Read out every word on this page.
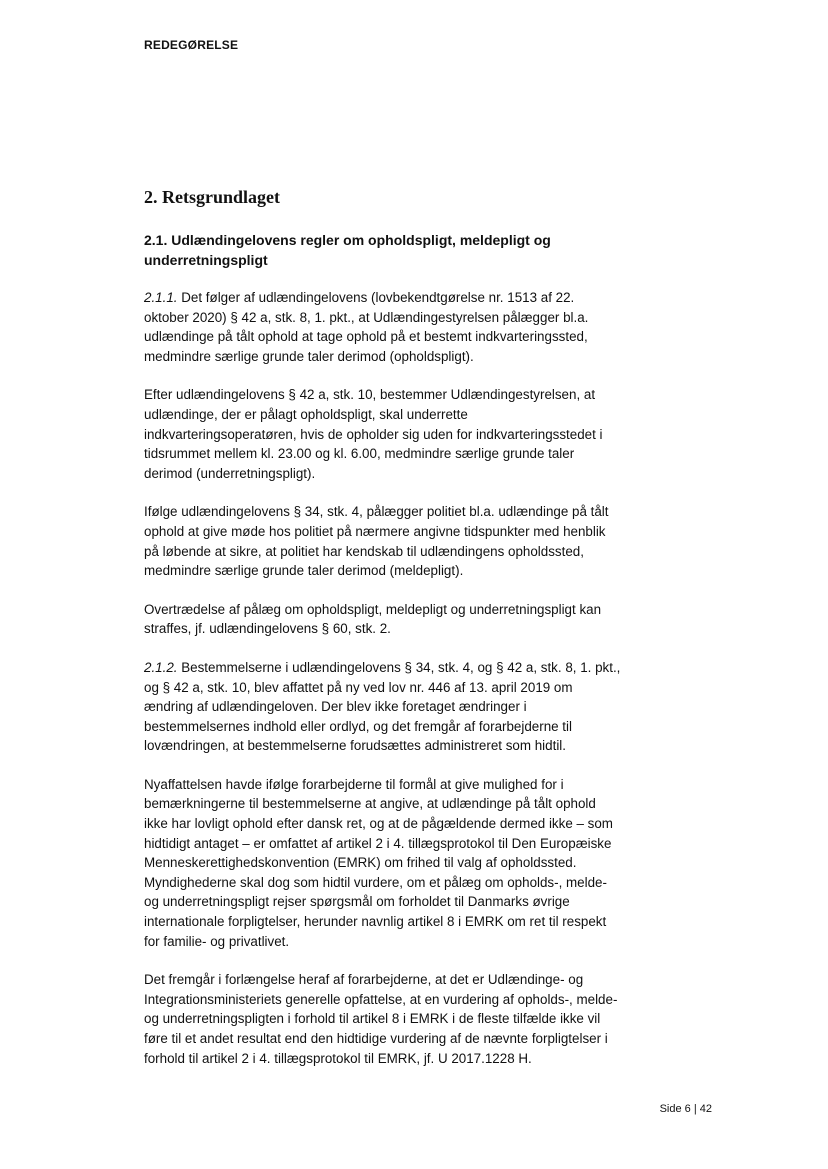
REDEGØRELSE
2. Retsgrundlaget
2.1. Udlændingelovens regler om opholdspligt, meldepligt og underretningspligt

2.1.1. Det følger af udlændingelovens (lovbekendtgørelse nr. 1513 af 22. oktober 2020) § 42 a, stk. 8, 1. pkt., at Udlændingestyrelsen pålægger bl.a. udlændinge på tålt ophold at tage ophold på et bestemt indkvarteringssted, medmindre særlige grunde taler derimod (opholdspligt).

Efter udlændingelovens § 42 a, stk. 10, bestemmer Udlændingestyrelsen, at udlændinge, der er pålagt opholdspligt, skal underrette indkvarteringsoperatøren, hvis de opholder sig uden for indkvarteringsstedet i tidsrummet mellem kl. 23.00 og kl. 6.00, medmindre særlige grunde taler derimod (underretningspligt).

Ifølge udlændingelovens § 34, stk. 4, pålægger politiet bl.a. udlændinge på tålt ophold at give møde hos politiet på nærmere angivne tidspunkter med henblik på løbende at sikre, at politiet har kendskab til udlændingens opholdssted, medmindre særlige grunde taler derimod (meldepligt).

Overtrædelse af pålæg om opholdspligt, meldepligt og underretningspligt kan straffes, jf. udlændingelovens § 60, stk. 2.

2.1.2. Bestemmelserne i udlændingelovens § 34, stk. 4, og § 42 a, stk. 8, 1. pkt., og § 42 a, stk. 10, blev affattet på ny ved lov nr. 446 af 13. april 2019 om ændring af udlændingeloven. Der blev ikke foretaget ændringer i bestemmelsernes indhold eller ordlyd, og det fremgår af forarbejderne til lovændringen, at bestemmelserne forudsættes administreret som hidtil.

Nyaffattelsen havde ifølge forarbejderne til formål at give mulighed for i bemærkningerne til bestemmelserne at angive, at udlændinge på tålt ophold ikke har lovligt ophold efter dansk ret, og at de pågældende dermed ikke – som hidtidigt antaget – er omfattet af artikel 2 i 4. tillægsprotokol til Den Europæiske Menneskerettighedskonvention (EMRK) om frihed til valg af opholdssted. Myndighederne skal dog som hidtil vurdere, om et pålæg om opholds-, melde- og underretningspligt rejser spørgsmål om forholdet til Danmarks øvrige internationale forpligtelser, herunder navnlig artikel 8 i EMRK om ret til respekt for familie- og privatlivet.

Det fremgår i forlængelse heraf af forarbejderne, at det er Udlændinge- og Integrationsministeriets generelle opfattelse, at en vurdering af opholds-, melde- og underretningspligten i forhold til artikel 8 i EMRK i de fleste tilfælde ikke vil føre til et andet resultat end den hidtidige vurdering af de nævnte forpligtelser i forhold til artikel 2 i 4. tillægsprotokol til EMRK, jf. U 2017.1228 H.

Side 6 | 42
